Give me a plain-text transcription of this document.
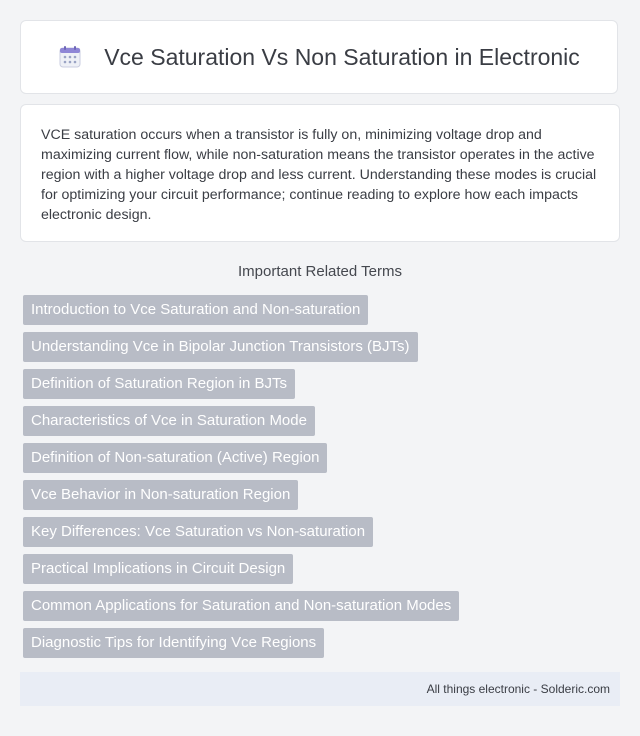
Vce Saturation Vs Non Saturation in Electronic

VCE saturation occurs when a transistor is fully on, minimizing voltage drop and maximizing current flow, while non-saturation means the transistor operates in the active region with a higher voltage drop and less current. Understanding these modes is crucial for optimizing your circuit performance; continue reading to explore how each impacts electronic design.

Important Related Terms
Introduction to Vce Saturation and Non-saturation
Understanding Vce in Bipolar Junction Transistors (BJTs)
Definition of Saturation Region in BJTs
Characteristics of Vce in Saturation Mode
Definition of Non-saturation (Active) Region
Vce Behavior in Non-saturation Region
Key Differences: Vce Saturation vs Non-saturation
Practical Implications in Circuit Design
Common Applications for Saturation and Non-saturation Modes
Diagnostic Tips for Identifying Vce Regions
All things electronic - Solderic.com
